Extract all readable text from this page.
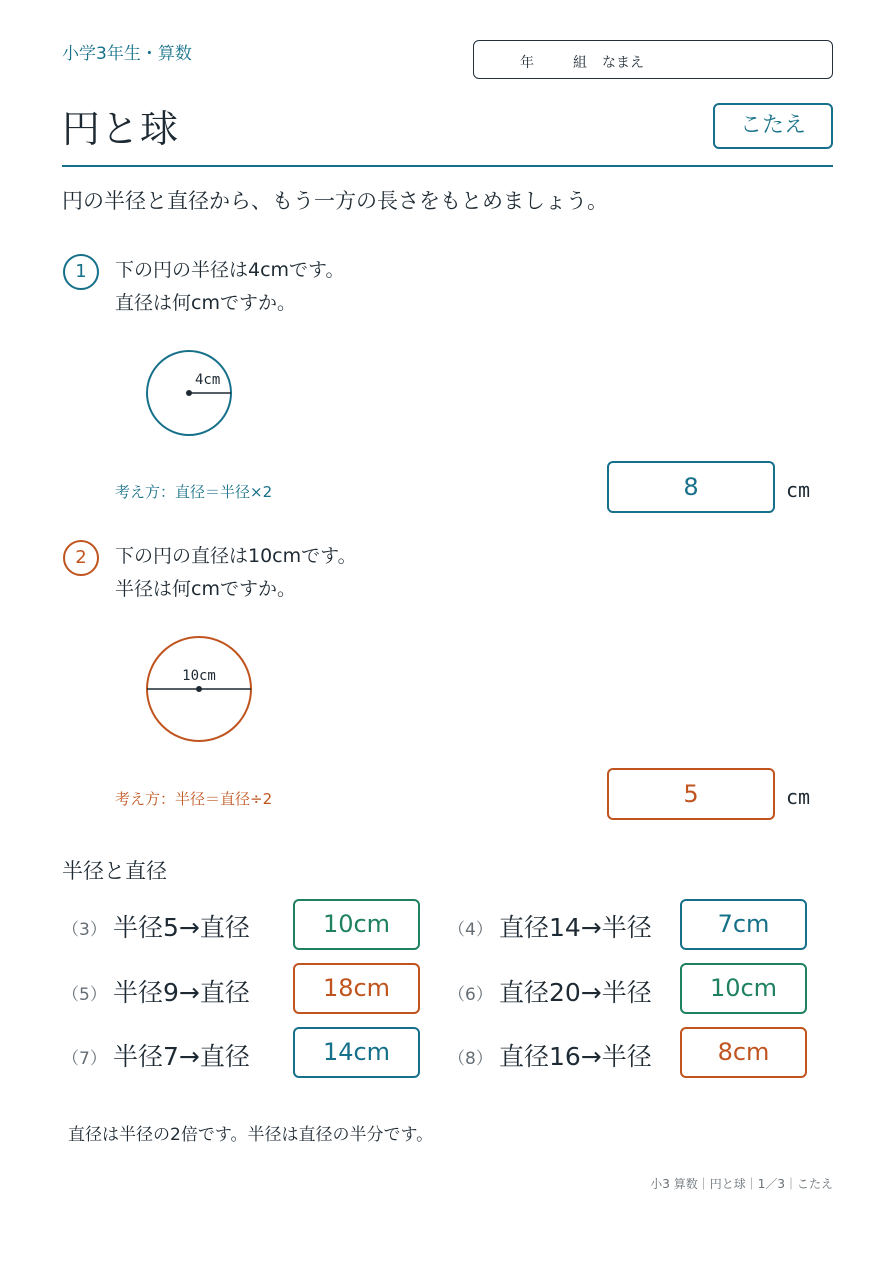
小学3年生・算数	年	組 なまえ
円と球	こたえ
円の半径と直径から、もう一方の長さをもとめましょう。
1	下の円の半径は4cmです。
直径は何cmですか。
4cm
考え方：直径＝半径×2	8	cm
2	下の円の直径は10cmです。
半径は何cmですか。
10cm
考え方：半径＝直径÷2	5	cm
半径と直径
（3） 半径5→直径	10cm	（4） 直径14→半径	7cm
（5） 半径9→直径	18cm	（6） 直径20→半径	10cm
（7） 半径7→直径	14cm	（8） 直径16→半径	8cm
直径は半径の2倍です。半径は直径の半分です。
小3 算数｜円と球｜1／3｜こたえ
